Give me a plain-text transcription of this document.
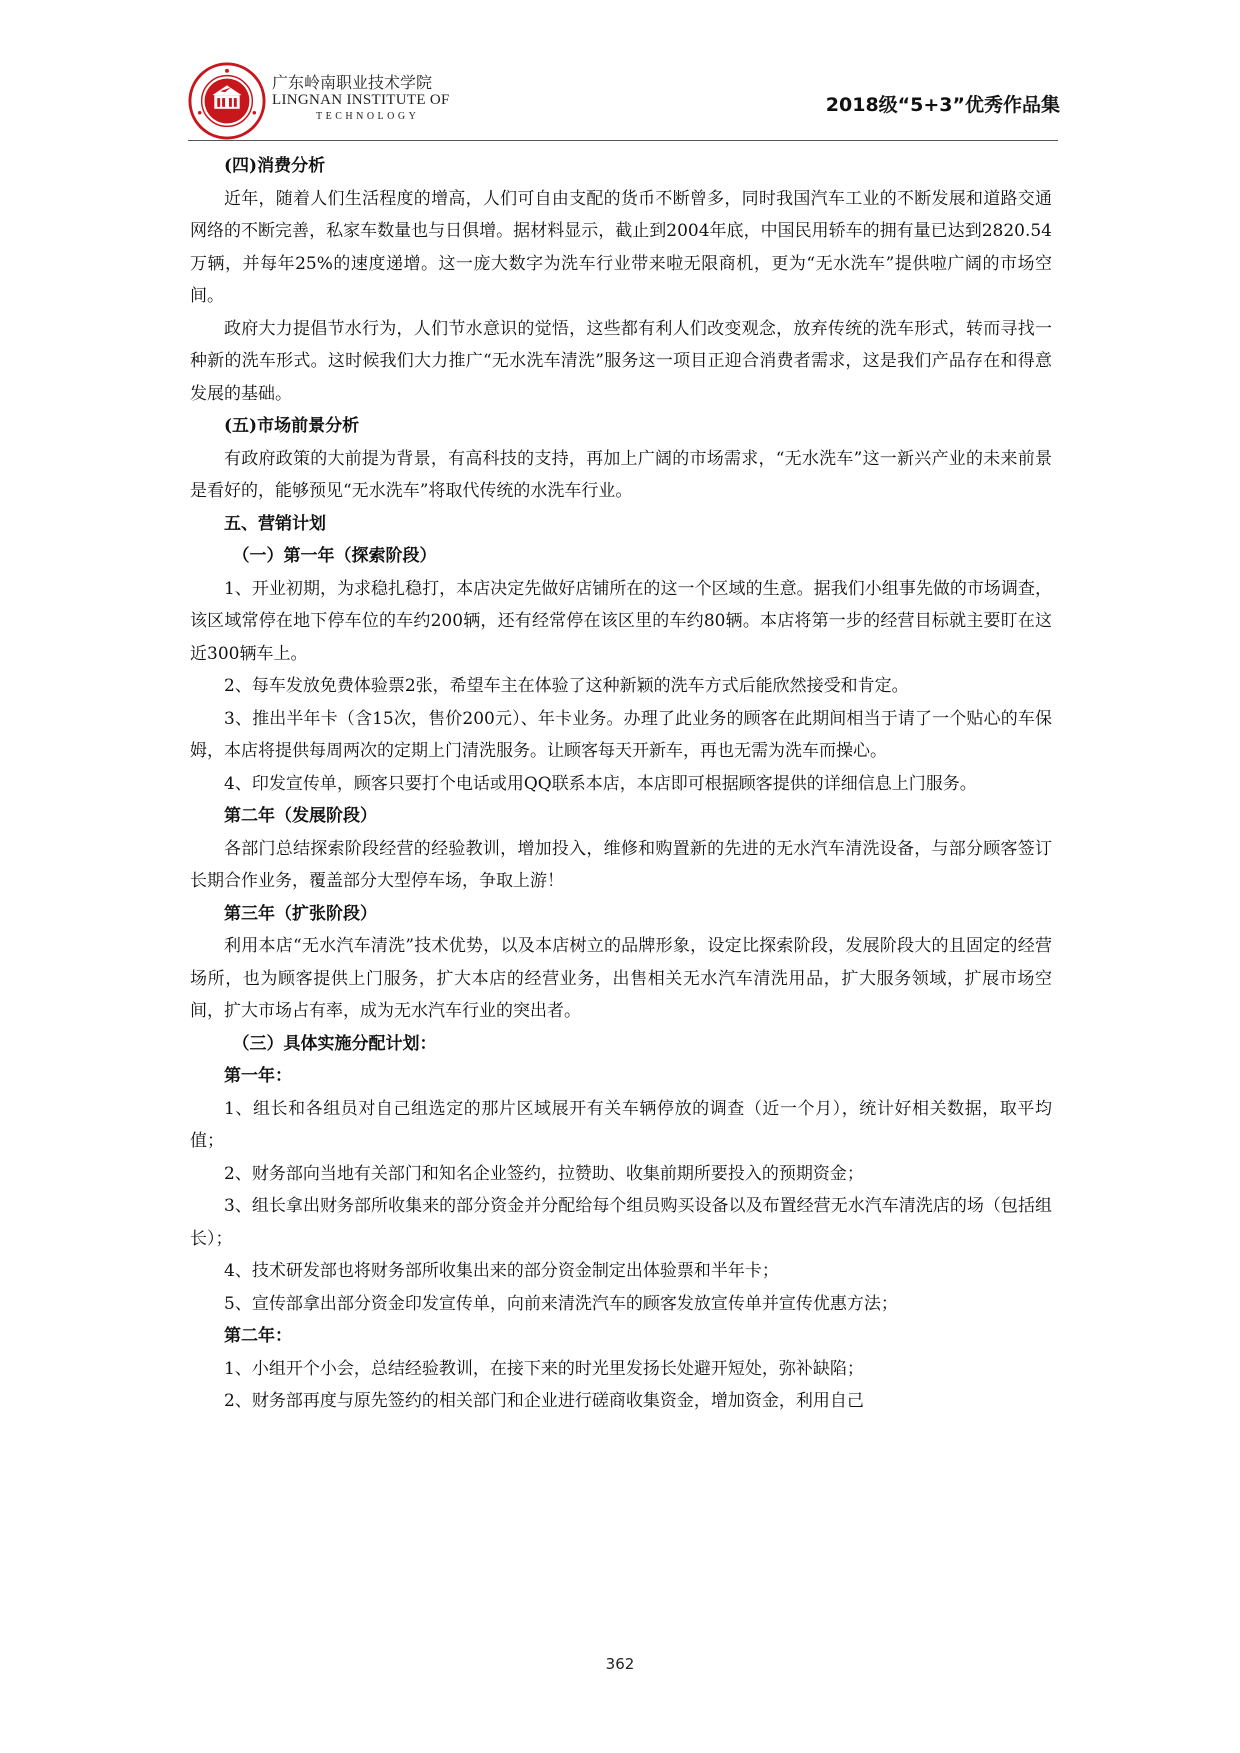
广东岭南职业技术学院
LINGNAN INSTITUTE OF
TECHNOLOGY
2018级“5+3”优秀作品集

(四)消费分析

近年，随着人们生活程度的增高，人们可自由支配的货币不断曾多，同时我国汽车工业的不断发展和道路交通网络的不断完善，私家车数量也与日俱增。据材料显示，截止到2004年底，中国民用轿车的拥有量已达到2820.54万辆，并每年25%的速度递增。这一庞大数字为洗车行业带来啦无限商机，更为“无水洗车”提供啦广阔的市场空间。

政府大力提倡节水行为，人们节水意识的觉悟，这些都有利人们改变观念，放弃传统的洗车形式，转而寻找一种新的洗车形式。这时候我们大力推广“无水洗车清洗”服务这一项目正迎合消费者需求，这是我们产品存在和得意发展的基础。

(五)市场前景分析

有政府政策的大前提为背景，有高科技的支持，再加上广阔的市场需求，“无水洗车”这一新兴产业的未来前景是看好的，能够预见“无水洗车”将取代传统的水洗车行业。

五、营销计划

（一）第一年（探索阶段）

1、开业初期，为求稳扎稳打，本店决定先做好店铺所在的这一个区域的生意。据我们小组事先做的市场调查，该区域常停在地下停车位的车约200辆，还有经常停在该区里的车约80辆。本店将第一步的经营目标就主要盯在这近300辆车上。

2、每车发放免费体验票2张，希望车主在体验了这种新颖的洗车方式后能欣然接受和肯定。

3、推出半年卡（含15次，售价200元）、年卡业务。办理了此业务的顾客在此期间相当于请了一个贴心的车保姆，本店将提供每周两次的定期上门清洗服务。让顾客每天开新车，再也无需为洗车而操心。

4、印发宣传单，顾客只要打个电话或用QQ联系本店，本店即可根据顾客提供的详细信息上门服务。

第二年（发展阶段）

各部门总结探索阶段经营的经验教训，增加投入，维修和购置新的先进的无水汽车清洗设备，与部分顾客签订长期合作业务，覆盖部分大型停车场，争取上游！

第三年（扩张阶段）

利用本店“无水汽车清洗”技术优势，以及本店树立的品牌形象，设定比探索阶段，发展阶段大的且固定的经营场所，也为顾客提供上门服务，扩大本店的经营业务，出售相关无水汽车清洗用品，扩大服务领域，扩展市场空间，扩大市场占有率，成为无水汽车行业的突出者。

（三）具体实施分配计划：

第一年：

1、组长和各组员对自己组选定的那片区域展开有关车辆停放的调查（近一个月），统计好相关数据，取平均值；

2、财务部向当地有关部门和知名企业签约，拉赞助、收集前期所要投入的预期资金；

3、组长拿出财务部所收集来的部分资金并分配给每个组员购买设备以及布置经营无水汽车清洗店的场（包括组长）；

4、技术研发部也将财务部所收集出来的部分资金制定出体验票和半年卡；

5、宣传部拿出部分资金印发宣传单，向前来清洗汽车的顾客发放宣传单并宣传优惠方法；

第二年：

1、小组开个小会，总结经验教训，在接下来的时光里发扬长处避开短处，弥补缺陷；

2、财务部再度与原先签约的相关部门和企业进行磋商收集资金，增加资金，利用自己

362
